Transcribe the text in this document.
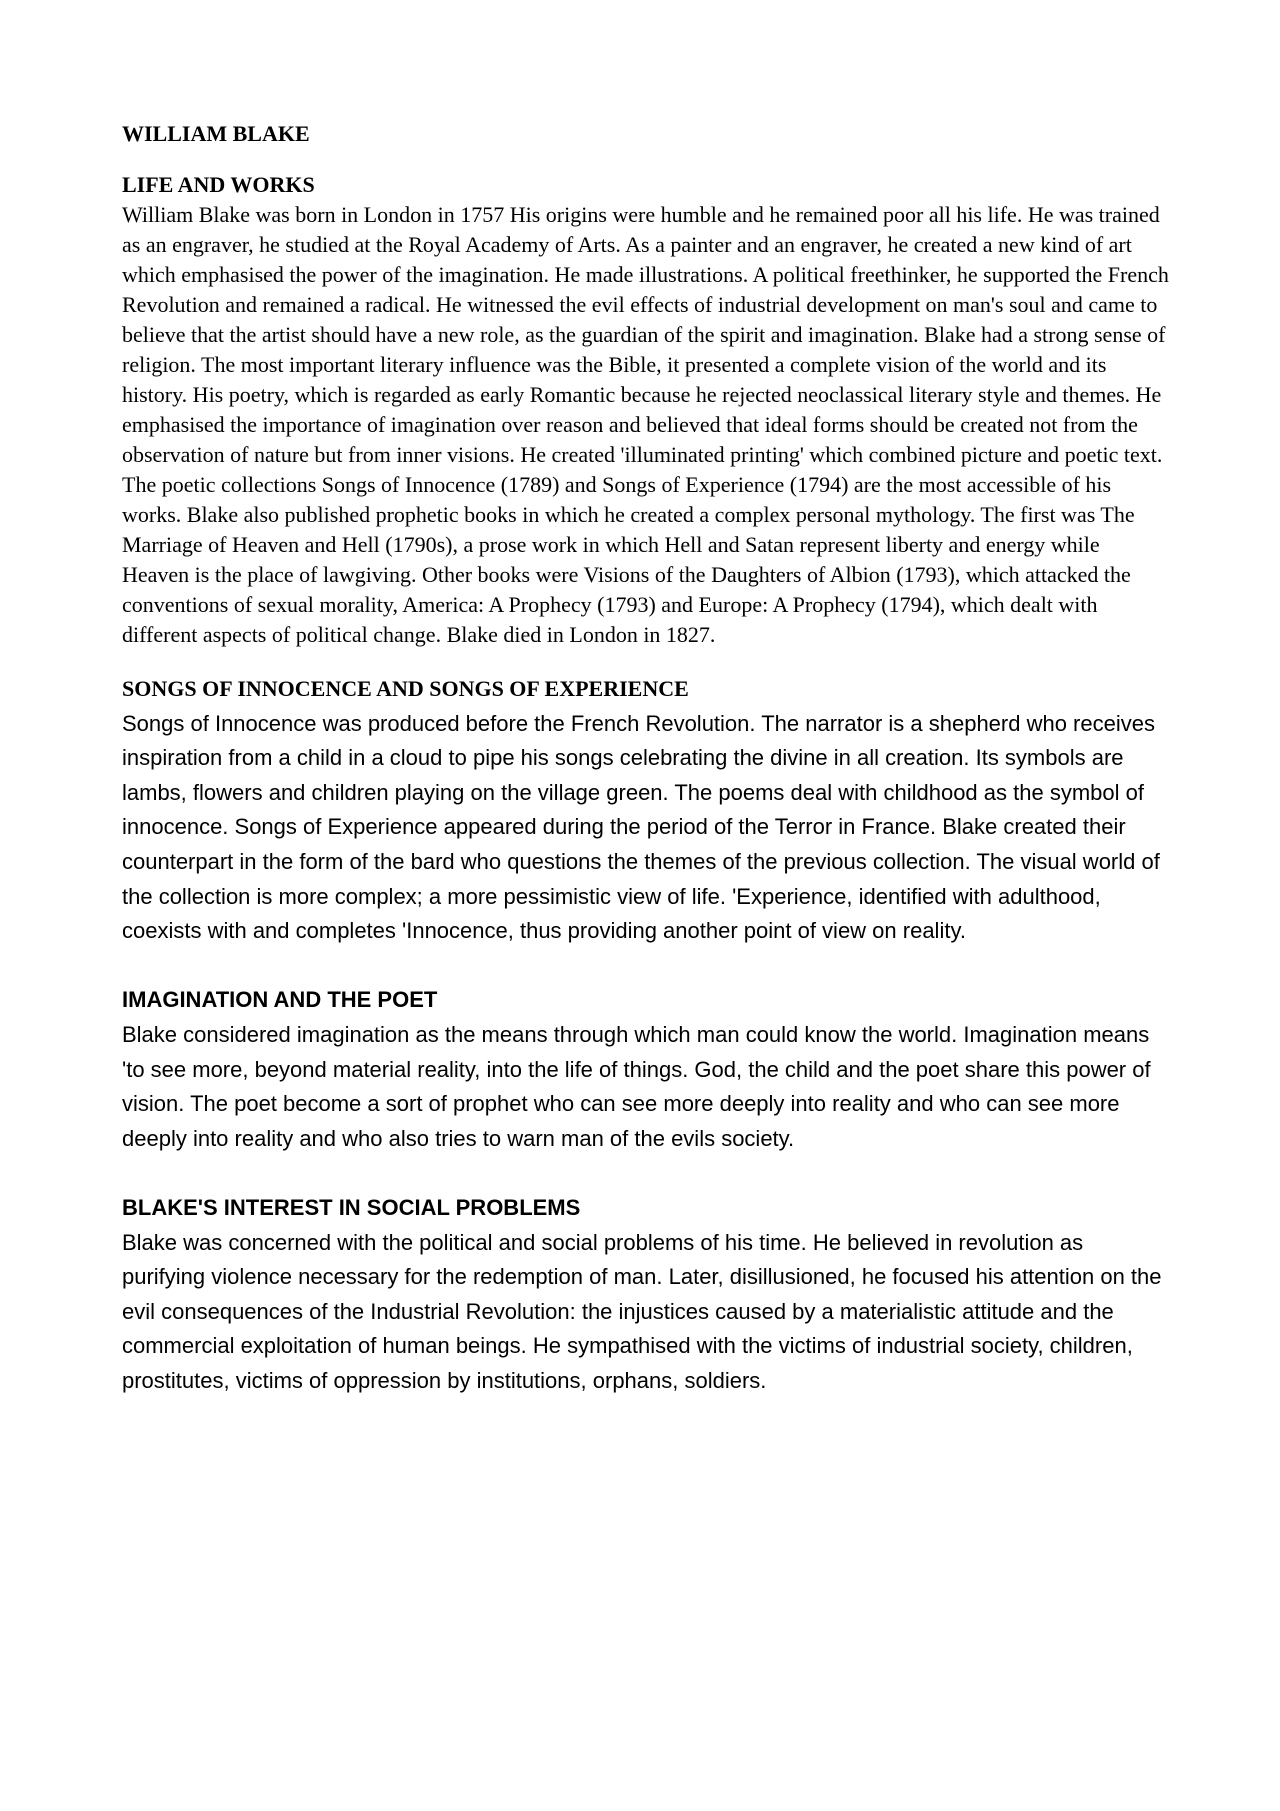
WILLIAM BLAKE
LIFE AND WORKS

William Blake was born in London in 1757 His origins were humble and he remained poor all his life. He was trained as an engraver, he studied at the Royal Academy of Arts. As a painter and an engraver, he created a new kind of art which emphasised the power of the imagination. He made illustrations. A political freethinker, he supported the French Revolution and remained a radical. He witnessed the evil effects of industrial development on man's soul and came to believe that the artist should have a new role, as the guardian of the spirit and imagination. Blake had a strong sense of religion. The most important literary influence was the Bible, it presented a complete vision of the world and its history. His poetry, which is regarded as early Romantic because he rejected neoclassical literary style and themes. He emphasised the importance of imagination over reason and believed that ideal forms should be created not from the observation of nature but from inner visions. He created 'illuminated printing' which combined picture and poetic text. The poetic collections Songs of Innocence (1789) and Songs of Experience (1794) are the most accessible of his works. Blake also published prophetic books in which he created a complex personal mythology. The first was The Marriage of Heaven and Hell (1790s), a prose work in which Hell and Satan represent liberty and energy while Heaven is the place of lawgiving. Other books were Visions of the Daughters of Albion (1793), which attacked the conventions of sexual morality, America: A Prophecy (1793) and Europe: A Prophecy (1794), which dealt with different aspects of political change. Blake died in London in 1827.

SONGS OF INNOCENCE AND SONGS OF EXPERIENCE

Songs of Innocence was produced before the French Revolution. The narrator is a shepherd who receives inspiration from a child in a cloud to pipe his songs celebrating the divine in all creation. Its symbols are lambs, flowers and children playing on the village green. The poems deal with childhood as the symbol of innocence. Songs of Experience appeared during the period of the Terror in France. Blake created their counterpart in the form of the bard who questions the themes of the previous collection. The visual world of the collection is more complex; a more pessimistic view of life. 'Experience, identified with adulthood, coexists with and completes 'Innocence, thus providing another point of view on reality.

IMAGINATION AND THE POET

Blake considered imagination as the means through which man could know the world. Imagination means 'to see more, beyond material reality, into the life of things. God, the child and the poet share this power of vision. The poet become a sort of prophet who can see more deeply into reality and who can see more deeply into reality and who also tries to warn man of the evils society.

BLAKE'S INTEREST IN SOCIAL PROBLEMS

Blake was concerned with the political and social problems of his time. He believed in revolution as purifying violence necessary for the redemption of man. Later, disillusioned, he focused his attention on the evil consequences of the Industrial Revolution: the injustices caused by a materialistic attitude and the commercial exploitation of human beings. He sympathised with the victims of industrial society, children, prostitutes, victims of oppression by institutions, orphans, soldiers.
